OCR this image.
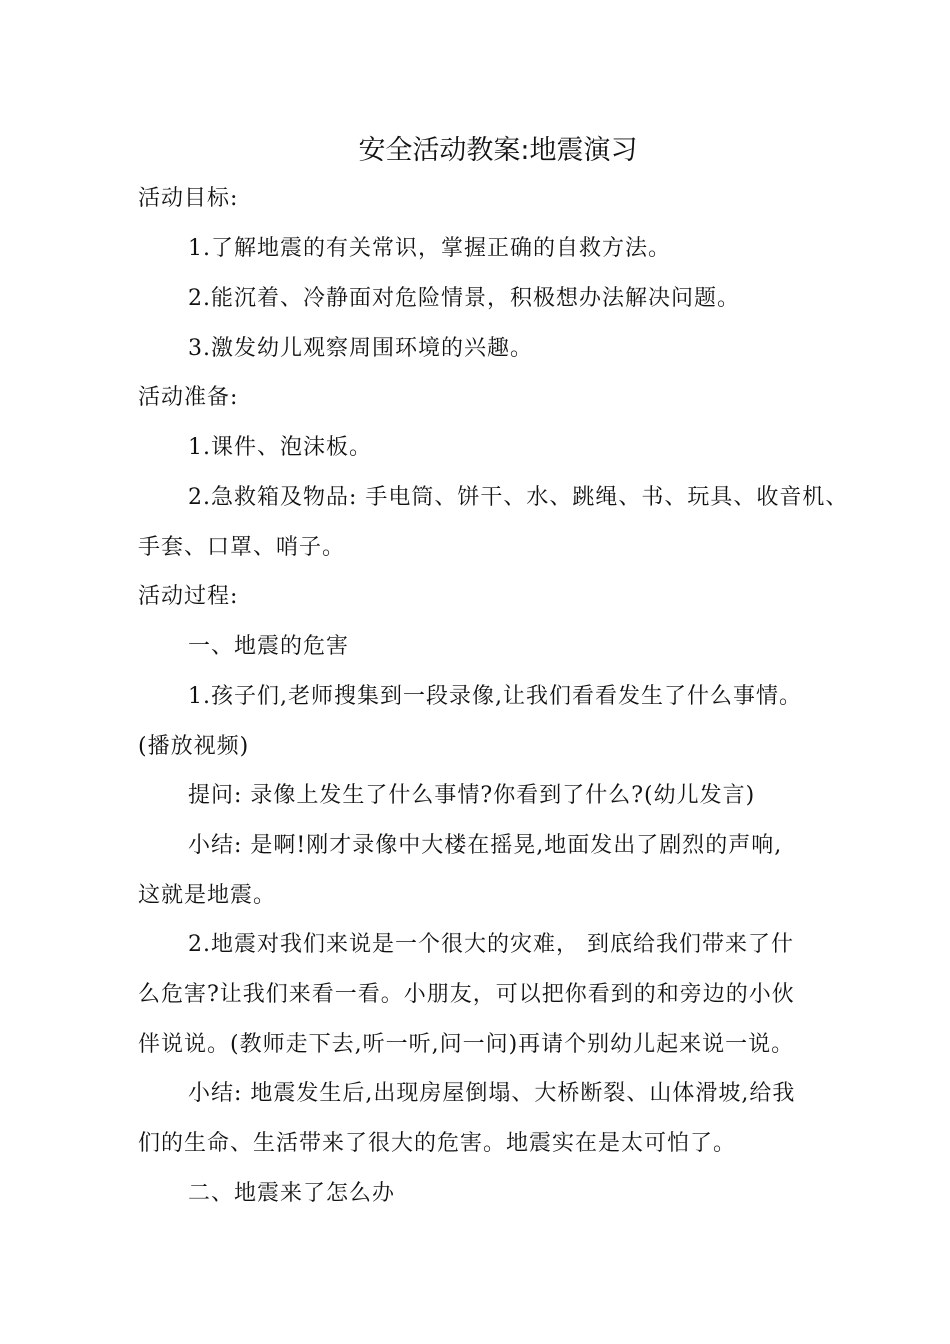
安全活动教案:地震演习
活动目标:
1.了解地震的有关常识，掌握正确的自救方法。
2.能沉着、冷静面对危险情景，积极想办法解决问题。
3.激发幼儿观察周围环境的兴趣。
活动准备:
1.课件、泡沫板。
2.急救箱及物品: 手电筒、饼干、水、跳绳、书、玩具、收音机、
手套、口罩、哨子。
活动过程:
一、地震的危害
1.孩子们,老师搜集到一段录像,让我们看看发生了什么事情。
(播放视频)
提问: 录像上发生了什么事情?你看到了什么?(幼儿发言)
小结: 是啊!刚才录像中大楼在摇晃,地面发出了剧烈的声响,
这就是地震。
2.地震对我们来说是一个很大的灾难， 到底给我们带来了什
么危害?让我们来看一看。小朋友，可以把你看到的和旁边的小伙
伴说说。(教师走下去,听一听,问一问)再请个别幼儿起来说一说。
小结: 地震发生后,出现房屋倒塌、大桥断裂、山体滑坡,给我
们的生命、生活带来了很大的危害。地震实在是太可怕了。
二、地震来了怎么办
